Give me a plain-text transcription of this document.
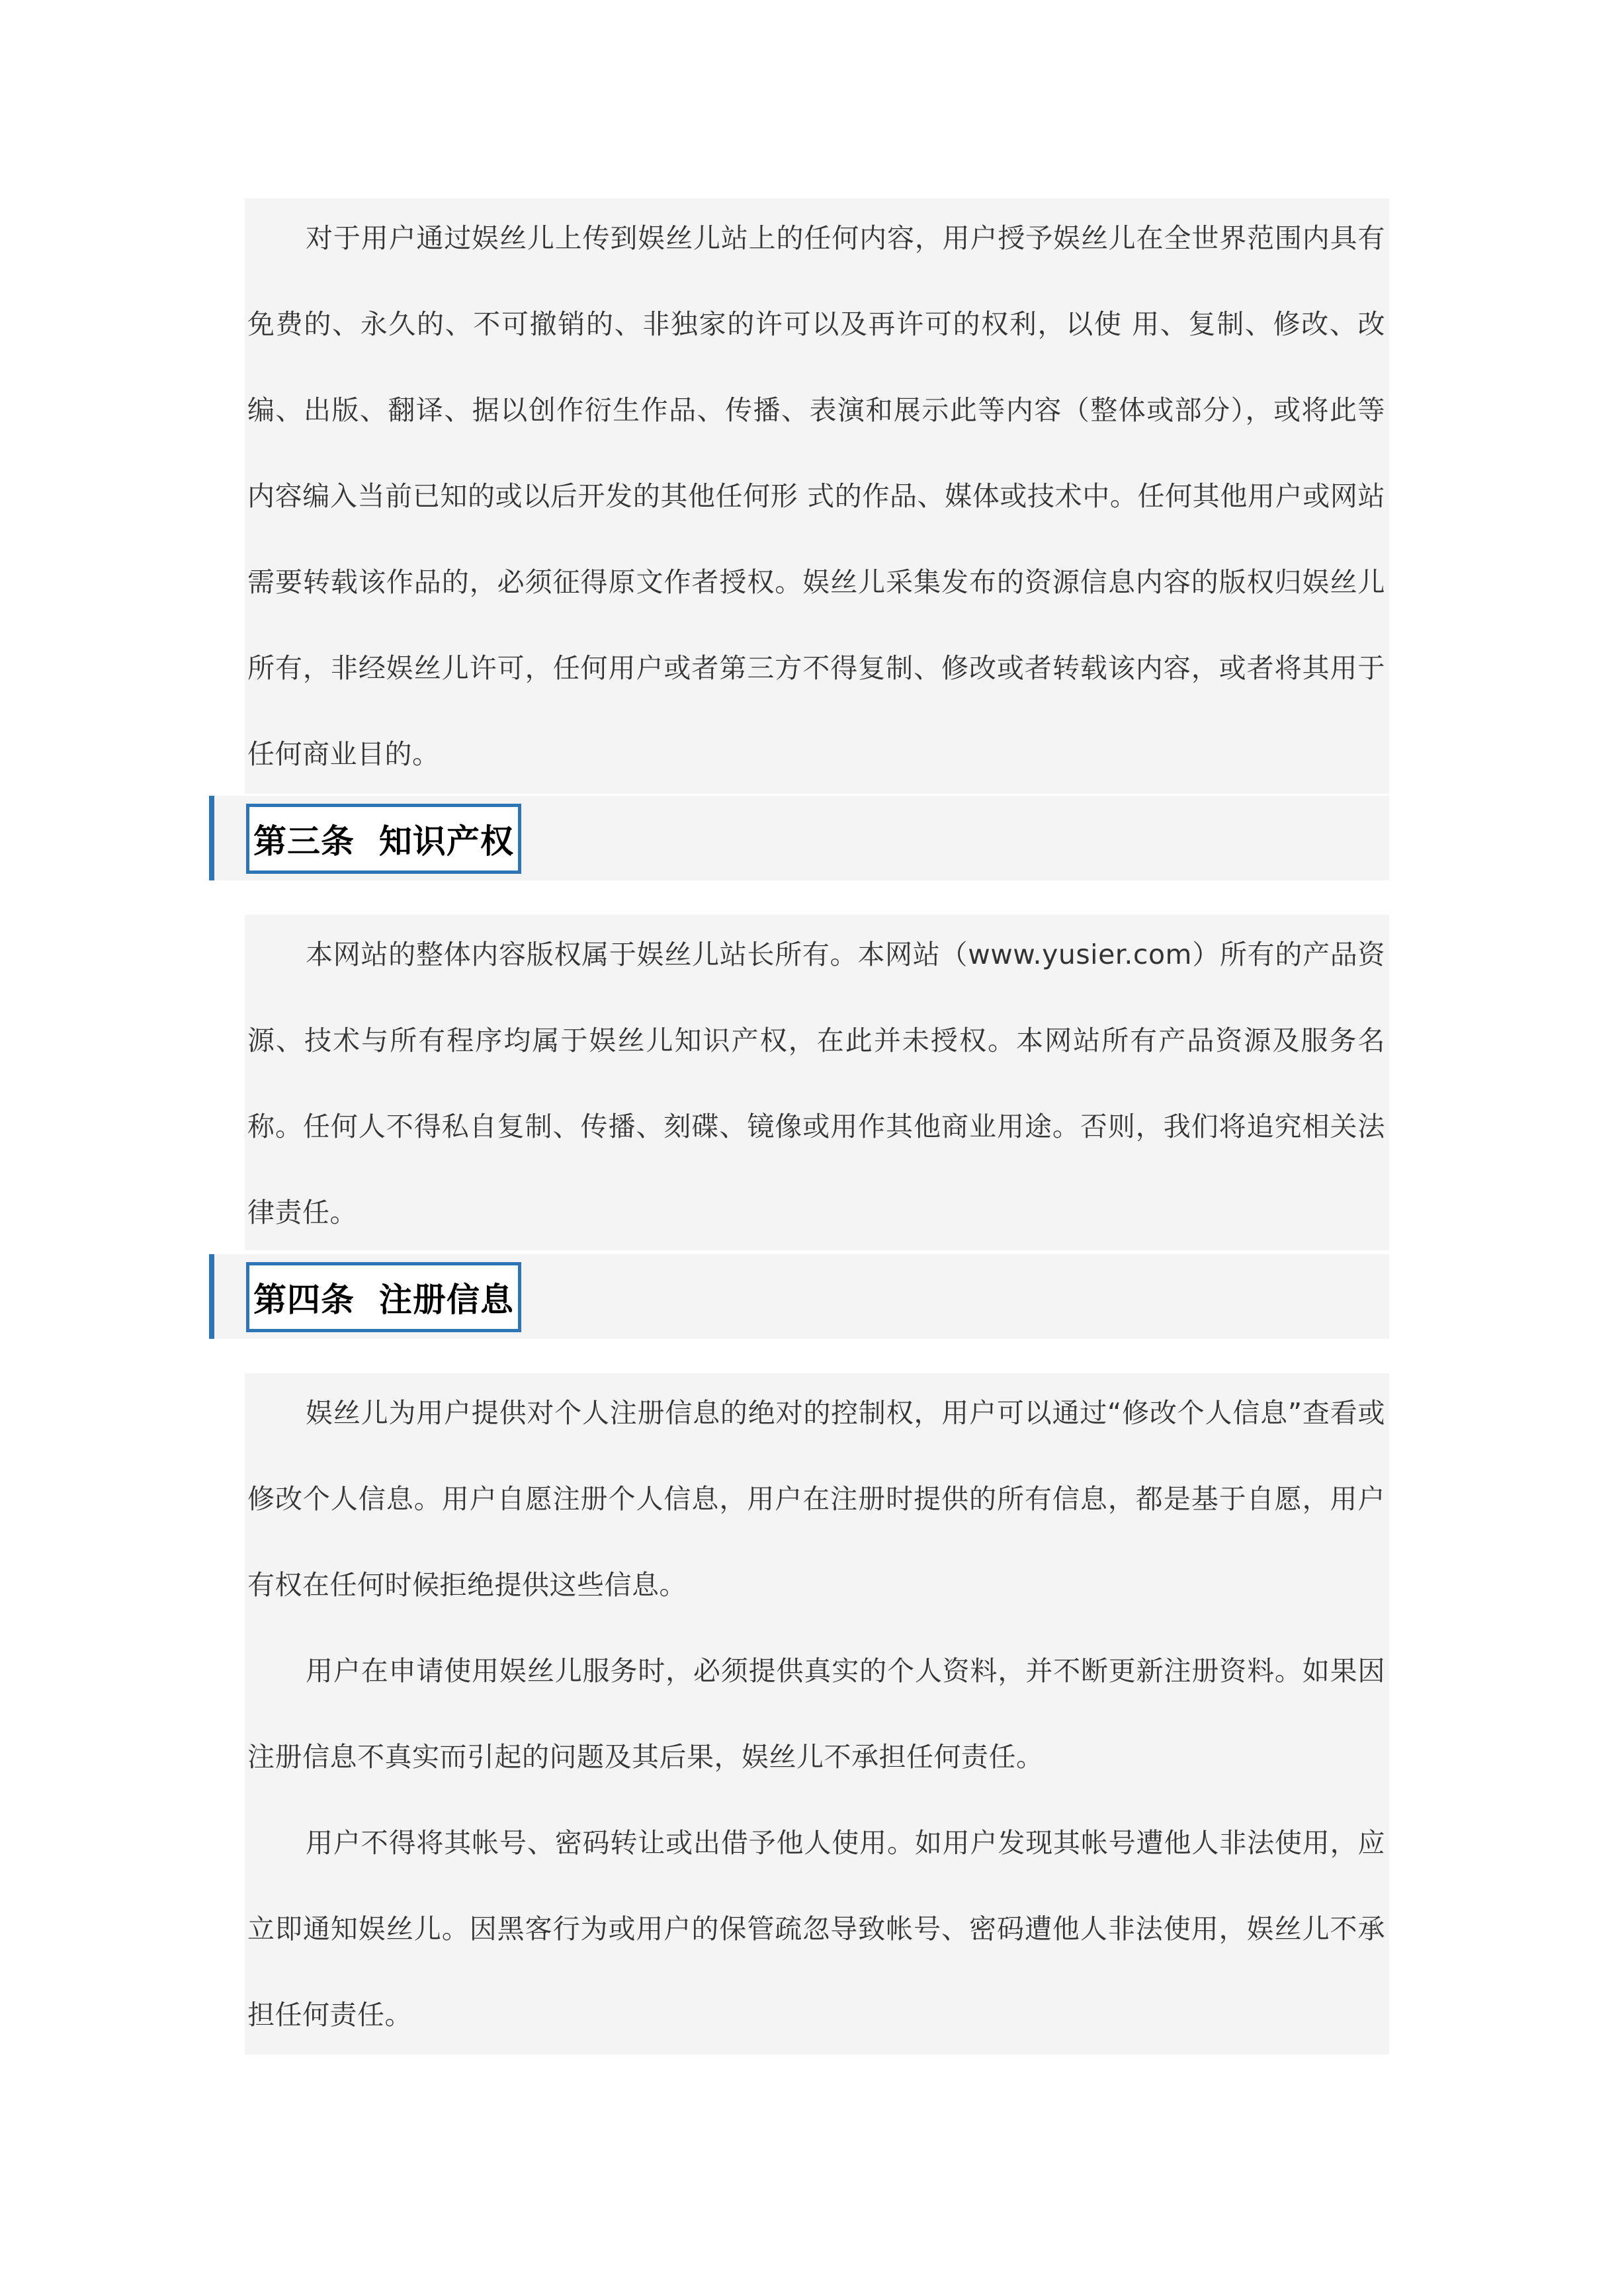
对于用户通过娱丝儿上传到娱丝儿站上的任何内容，用户授予娱丝儿在全世界范围内具有免费的、永久的、不可撤销的、非独家的许可以及再许可的权利，以使 用、复制、修改、改编、出版、翻译、据以创作衍生作品、传播、表演和展示此等内容（整体或部分），或将此等内容编入当前已知的或以后开发的其他任何形 式的作品、媒体或技术中。任何其他用户或网站需要转载该作品的，必须征得原文作者授权。娱丝儿采集发布的资源信息内容的版权归娱丝儿所有，非经娱丝儿许可，任何用户或者第三方不得复制、修改或者转载该内容，或者将其用于任何商业目的。

第三条  知识产权

本网站的整体内容版权属于娱丝儿站长所有。本网站（www.yusier.com）所有的产品资源、技术与所有程序均属于娱丝儿知识产权，在此并未授权。本网站所有产品资源及服务名称。任何人不得私自复制、传播、刻碟、镜像或用作其他商业用途。否则，我们将追究相关法律责任。

第四条  注册信息

娱丝儿为用户提供对个人注册信息的绝对的控制权，用户可以通过“修改个人信息”查看或修改个人信息。用户自愿注册个人信息，用户在注册时提供的所有信息，都是基于自愿，用户有权在任何时候拒绝提供这些信息。

用户在申请使用娱丝儿服务时，必须提供真实的个人资料，并不断更新注册资料。如果因注册信息不真实而引起的问题及其后果，娱丝儿不承担任何责任。

用户不得将其帐号、密码转让或出借予他人使用。如用户发现其帐号遭他人非法使用，应立即通知娱丝儿。因黑客行为或用户的保管疏忽导致帐号、密码遭他人非法使用，娱丝儿不承担任何责任。
